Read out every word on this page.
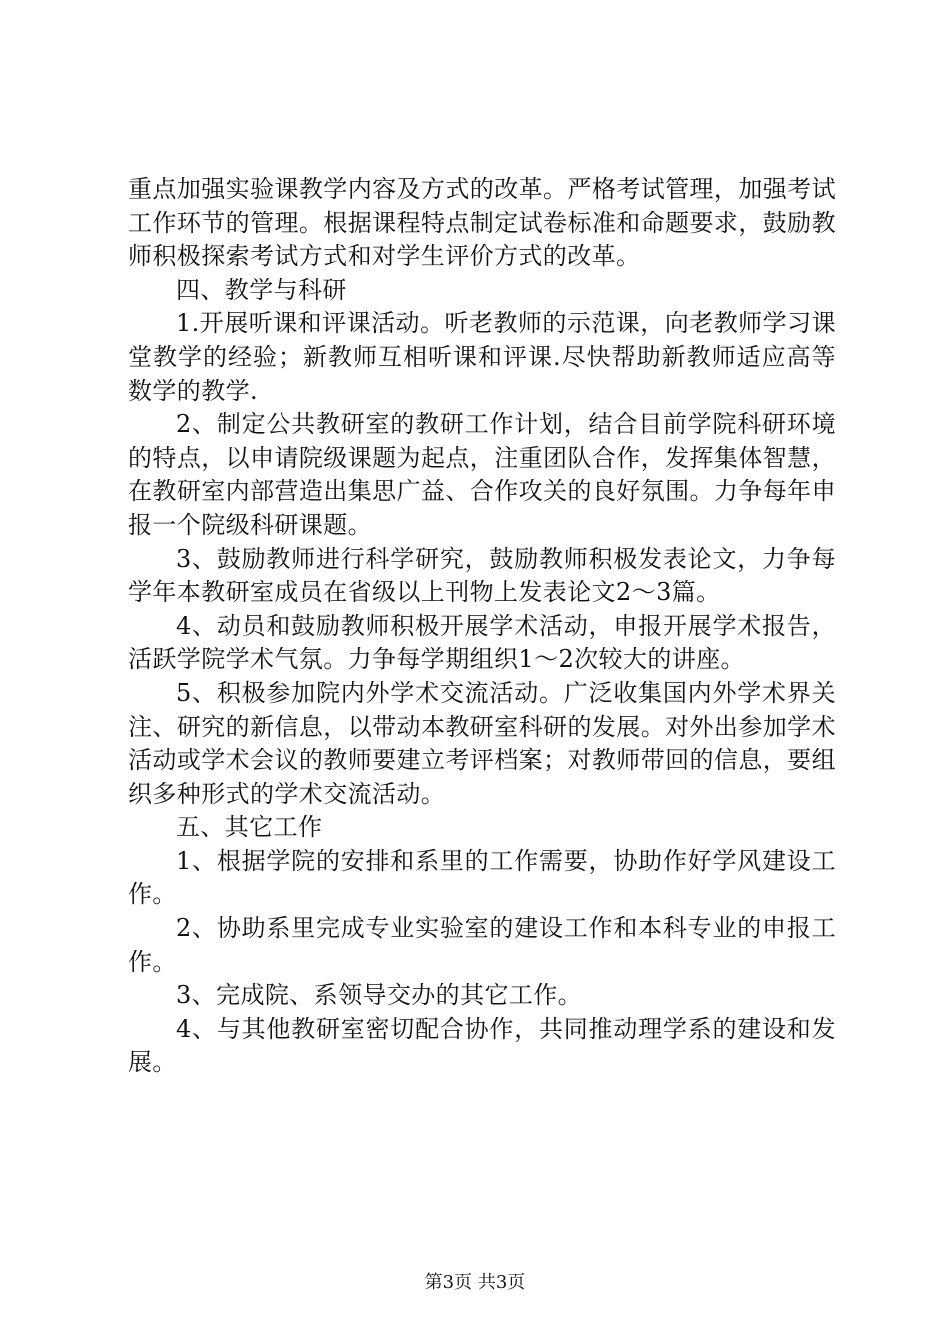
重点加强实验课教学内容及方式的改革。严格考试管理，加强考试工作环节的管理。根据课程特点制定试卷标准和命题要求，鼓励教师积极探索考试方式和对学生评价方式的改革。

四、教学与科研

1.开展听课和评课活动。听老教师的示范课，向老教师学习课堂教学的经验；新教师互相听课和评课.尽快帮助新教师适应高等数学的教学.

2、制定公共教研室的教研工作计划，结合目前学院科研环境的特点，以申请院级课题为起点，注重团队合作，发挥集体智慧，在教研室内部营造出集思广益、合作攻关的良好氛围。力争每年申报一个院级科研课题。

3、鼓励教师进行科学研究，鼓励教师积极发表论文，力争每学年本教研室成员在省级以上刊物上发表论文2～3篇。

4、动员和鼓励教师积极开展学术活动，申报开展学术报告，活跃学院学术气氛。力争每学期组织1～2次较大的讲座。

5、积极参加院内外学术交流活动。广泛收集国内外学术界关注、研究的新信息，以带动本教研室科研的发展。对外出参加学术活动或学术会议的教师要建立考评档案；对教师带回的信息，要组织多种形式的学术交流活动。

五、其它工作

1、根据学院的安排和系里的工作需要，协助作好学风建设工作。

2、协助系里完成专业实验室的建设工作和本科专业的申报工作。

3、完成院、系领导交办的其它工作。

4、与其他教研室密切配合协作，共同推动理学系的建设和发展。

第3页 共3页
